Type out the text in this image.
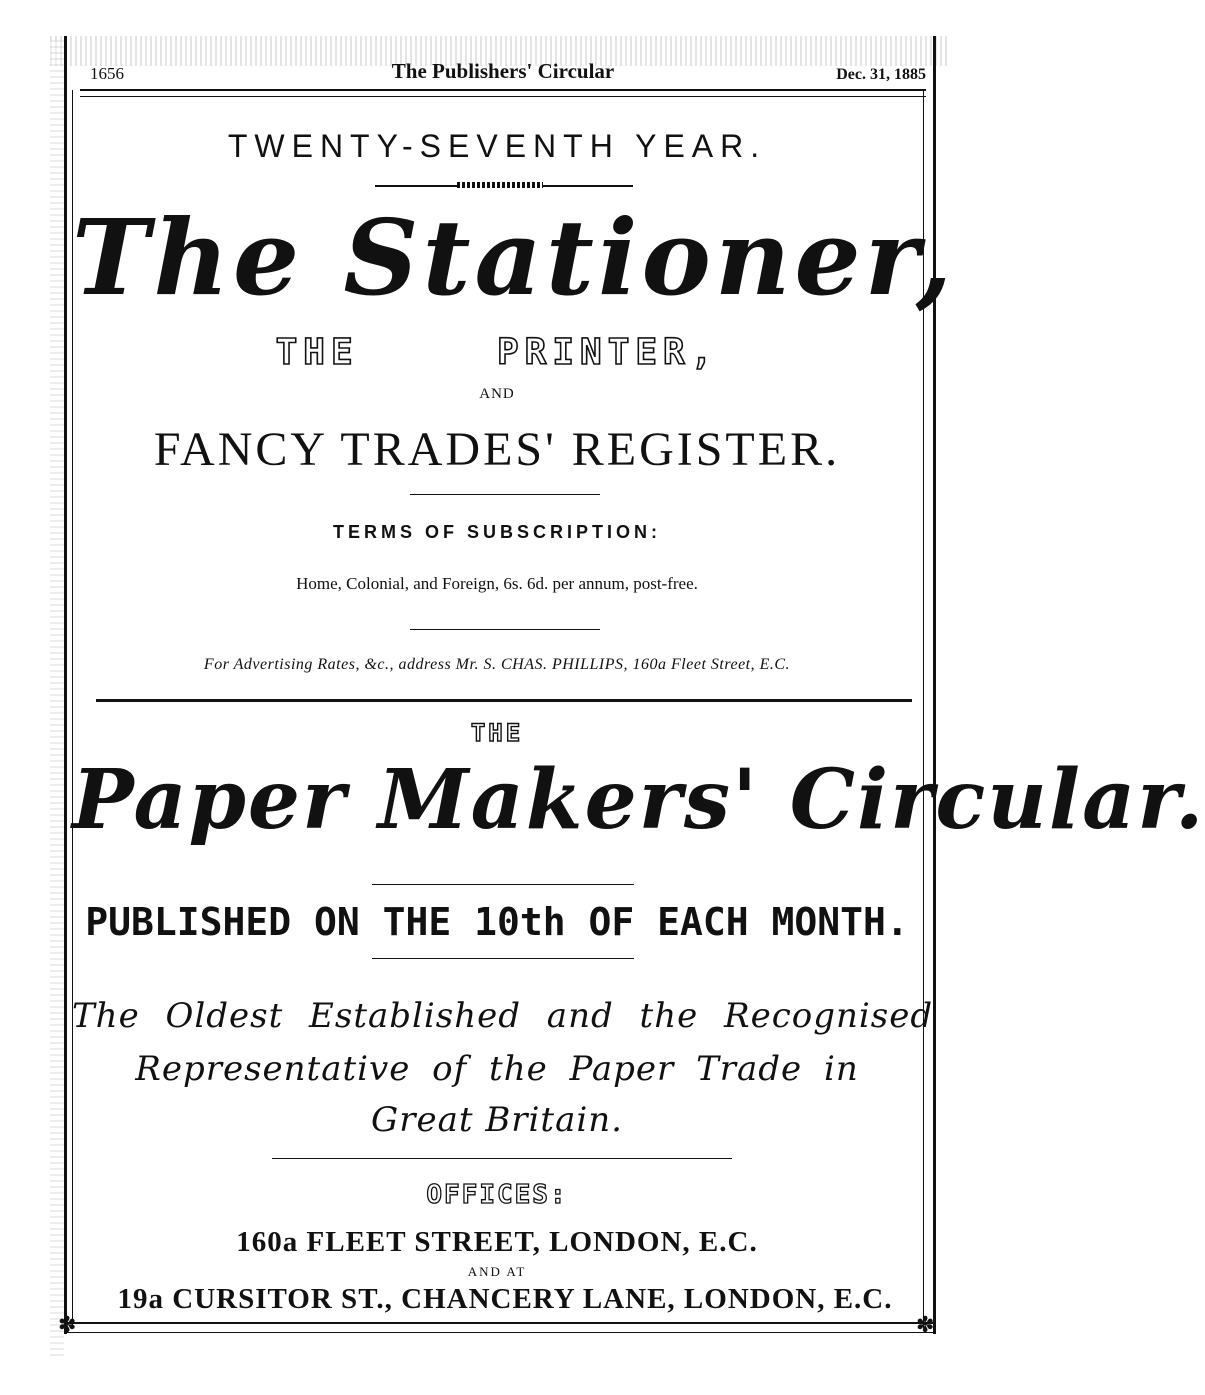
1656	The Publishers' Circular	Dec. 31, 1885
TWENTY-SEVENTH YEAR.
The Stationer,
THE	PRINTER,
AND
FANCY TRADES' REGISTER.
TERMS OF SUBSCRIPTION:
Home, Colonial, and Foreign, 6s. 6d. per annum, post-free.
For Advertising Rates, &c., address Mr. S. CHAS. PHILLIPS, 160a Fleet Street, E.C.
THE
Paper Makers' Circular.
PUBLISHED ON THE 10th OF EACH MONTH.
The Oldest Established and the Recognised
Representative of the Paper Trade in
Great Britain.
OFFICES:
160a FLEET STREET, LONDON, E.C.
AND AT
19a CURSITOR ST., CHANCERY LANE, LONDON, E.C.
✽	✽
